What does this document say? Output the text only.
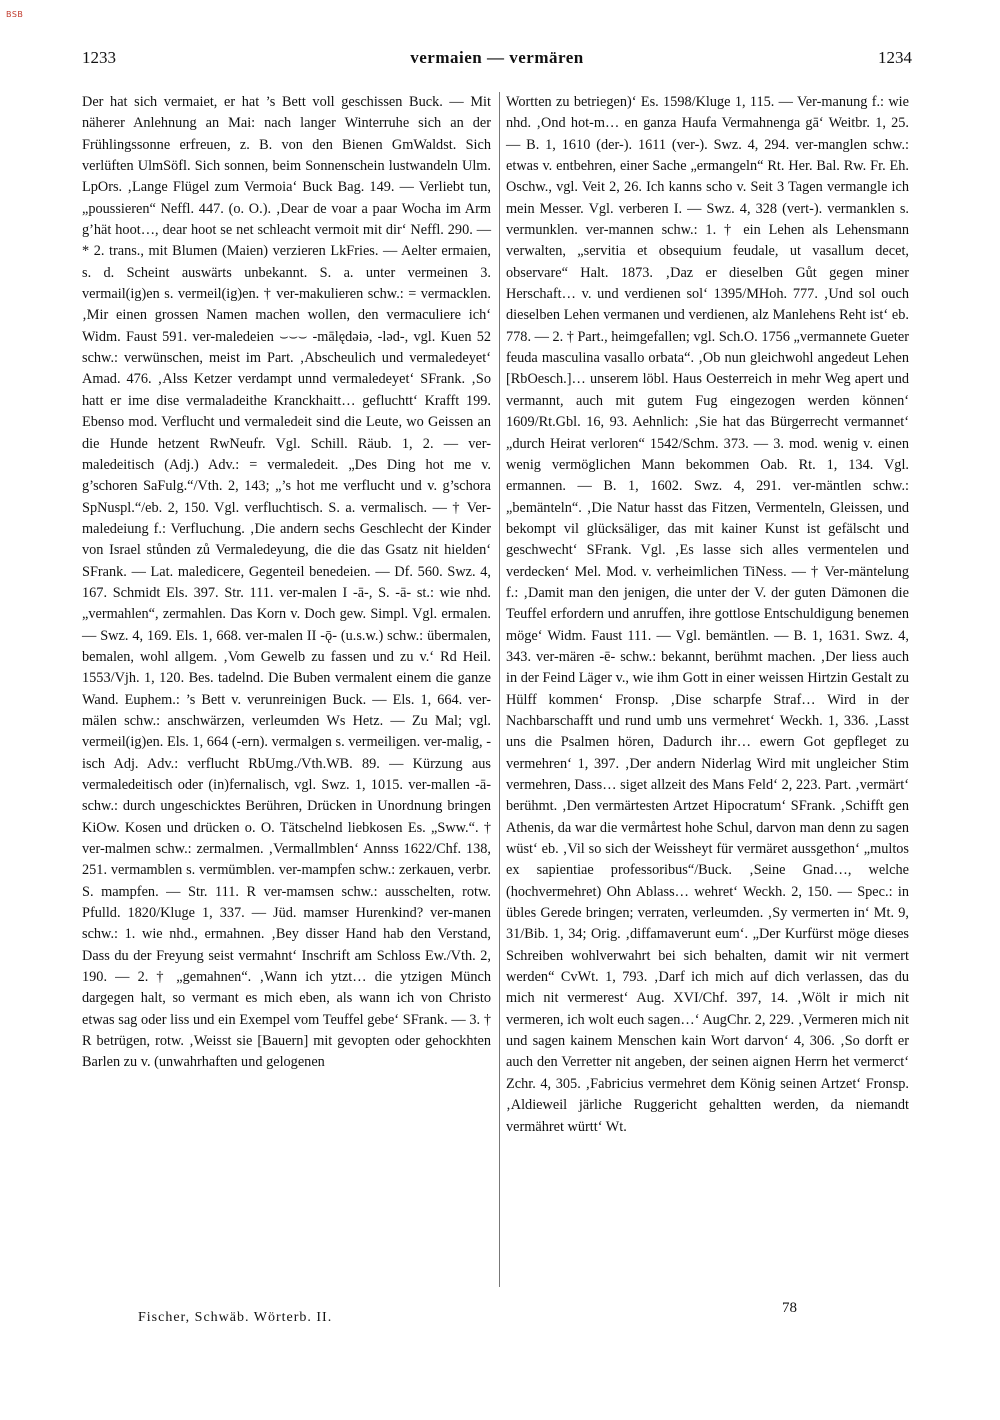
BSB
1233	vermaien — vermären	1234

Der hat sich vermaiet, er hat ’s Bett voll geschissen Buck. — Mit näherer Anlehnung an Mai: nach langer Winterruhe sich an der Frühlingssonne erfreuen, z. B. von den Bienen GmWaldst. Sich verlüften UlmSöfl. Sich sonnen, beim Sonnenschein lustwandeln Ulm. LpOrs. ‚Lange Flügel zum Vermoia‘ Buck Bag. 149. — Verliebt tun, „poussieren“ Neffl. 447. (o. O.). ‚Dear de voar a paar Wocha im Arm g’hät hoot…, dear hoot se net schleacht vermoit mit dir‘ Neffl. 290. — * 2. trans., mit Blumen (Maien) verzieren LkFries. — Aelter ermaien, s. d. Scheint auswärts unbekannt. S. a. unter vermeinen 3. vermail(ig)en s. vermeil(ig)en. † ver-makulieren schw.: = vermacklen. ‚Mir einen grossen Namen machen wollen, den vermaculiere ich‘ Widm. Faust 591. ver-maledeien ⌣⌣⌣ -mālędəiə, -ləd-, vgl. Kuen 52 schw.: verwünschen, meist im Part. ‚Abscheulich und vermaledeyet‘ Amad. 476. ‚Alss Ketzer verdampt unnd vermaledeyet‘ SFrank. ‚So hatt er ime dise vermaladeithe Kranckhaitt… gefluchtt‘ Krafft 199. Ebenso mod. Verflucht und vermaledeit sind die Leute, wo Geissen an die Hunde hetzent RwNeufr. Vgl. Schill. Räub. 1, 2. — ver-maledeitisch (Adj.) Adv.: = vermaledeit. „Des Ding hot me v. g’schoren SaFulg.“/Vth. 2, 143; „’s hot me verflucht und v. g’schora SpNuspl.“/eb. 2, 150. Vgl. verfluchtisch. S. a. vermalisch. — † Ver-maledeiung f.: Verfluchung. ‚Die andern sechs Geschlecht der Kinder von Israel stůnden zů Vermaledeyung, die die das Gsatz nit hielden‘ SFrank. — Lat. maledicere, Gegenteil benedeien. — Df. 560. Swz. 4, 167. Schmidt Els. 397. Str. 111. ver-malen I -ā-, S. -ā- st.: wie nhd. „vermahlen“, zermahlen. Das Korn v. Doch gew. Simpl. Vgl. ermalen. — Swz. 4, 169. Els. 1, 668. ver-malen II -ǭ- (u.s.w.) schw.: übermalen, bemalen, wohl allgem. ‚Vom Gewelb zu fassen und zu v.‘ Rd Heil. 1553/Vjh. 1, 120. Bes. tadelnd. Die Buben vermalent einem die ganze Wand. Euphem.: ’s Bett v. verunreinigen Buck. — Els. 1, 664. ver-mälen schw.: anschwärzen, verleumden Ws Hetz. — Zu Mal; vgl. vermeil(ig)en. Els. 1, 664 (-ern). vermalgen s. vermeiligen. ver-malig, -isch Adj. Adv.: verflucht RbUmg./Vth.WB. 89. — Kürzung aus vermaledeitisch oder (in)fernalisch, vgl. Swz. 1, 1015. ver-mallen -ā- schw.: durch ungeschicktes Berühren, Drücken in Unordnung bringen KiOw. Kosen und drücken o. O. Tätschelnd liebkosen Es. „Sww.“. † ver-malmen schw.: zermalmen. ‚Vermallmblen‘ Annss 1622/Chf. 138, 251. vermamblen s. vermümblen. ver-mampfen schw.: zerkauen, verbr. S. mampfen. — Str. 111. R ver-mamsen schw.: ausschelten, rotw. Pfulld. 1820/Kluge 1, 337. — Jüd. mamser Hurenkind? ver-manen schw.: 1. wie nhd., ermahnen. ‚Bey disser Hand hab den Verstand, Dass du der Freyung seist vermahnt‘ Inschrift am Schloss Ew./Vth. 2, 190. — 2. † „gemahnen“. ‚Wann ich ytzt… die ytzigen Münch dargegen halt, so vermant es mich eben, als wann ich von Christo etwas sag oder liss und ein Exempel vom Teuffel gebe‘ SFrank. — 3. † R betrügen, rotw. ‚Weisst sie [Bauern] mit gevopten oder gehockhten Barlen zu v. (unwahrhaften und gelogenen

Wortten zu betriegen)‘ Es. 1598/Kluge 1, 115. — Ver-manung f.: wie nhd. ‚Ond hot-m… en ganza Haufa Vermahnenga gā‘ Weitbr. 1, 25. — B. 1, 1610 (der-). 1611 (ver-). Swz. 4, 294. ver-manglen schw.: etwas v. entbehren, einer Sache „ermangeln“ Rt. Her. Bal. Rw. Fr. Eh. Oschw., vgl. Veit 2, 26. Ich kanns scho v. Seit 3 Tagen vermangle ich mein Messer. Vgl. verberen I. — Swz. 4, 328 (vert-). vermanklen s. vermunklen. ver-mannen schw.: 1. † ein Lehen als Lehensmann verwalten, „servitia et obsequium feudale, ut vasallum decet, observare“ Halt. 1873. ‚Daz er dieselben Gůt gegen miner Herschaft… v. und verdienen sol‘ 1395/MHoh. 777. ‚Und sol ouch dieselben Lehen vermanen und verdienen, alz Manlehens Reht ist‘ eb. 778. — 2. † Part., heimgefallen; vgl. Sch.O. 1756 „vermannete Gueter feuda masculina vasallo orbata“. ‚Ob nun gleichwohl angedeut Lehen [RbOesch.]… unserem löbl. Haus Oesterreich in mehr Weg apert und vermannt, auch mit gutem Fug eingezogen werden können‘ 1609/Rt.Gbl. 16, 93. Aehnlich: ‚Sie hat das Bürgerrecht vermannet‘ „durch Heirat verloren“ 1542/Schm. 373. — 3. mod. wenig v. einen wenig vermöglichen Mann bekommen Oab. Rt. 1, 134. Vgl. ermannen. — B. 1, 1602. Swz. 4, 291. ver-mäntlen schw.: „bemänteln“. ‚Die Natur hasst das Fitzen, Vermenteln, Gleissen, und bekompt vil glücksäliger, das mit kainer Kunst ist gefälscht und geschwecht‘ SFrank. Vgl. ‚Es lasse sich alles vermentelen und verdecken‘ Mel. Mod. v. verheimlichen TiNess. — † Ver-mäntelung f.: ‚Damit man den jenigen, die unter der V. der guten Dämonen die Teuffel erfordern und anruffen, ihre gottlose Entschuldigung benemen möge‘ Widm. Faust 111. — Vgl. bemäntlen. — B. 1, 1631. Swz. 4, 343. ver-mären -ē- schw.: bekannt, berühmt machen. ‚Der liess auch in der Feind Läger v., wie ihm Gott in einer weissen Hirtzin Gestalt zu Hülff kommen‘ Fronsp. ‚Dise scharpfe Straf… Wird in der Nachbarschafft und rund umb uns vermehret‘ Weckh. 1, 336. ‚Lasst uns die Psalmen hören, Dadurch ihr… ewern Got gepfleget zu vermehren‘ 1, 397. ‚Der andern Niderlag Wird mit ungleicher Stim vermehren, Dass… siget allzeit des Mans Feld‘ 2, 223. Part. ‚vermärt‘ berühmt. ‚Den vermärtesten Artzet Hipocratum‘ SFrank. ‚Schifft gen Athenis, da war die vermårtest hohe Schul, darvon man denn zu sagen wüst‘ eb. ‚Vil so sich der Weissheyt für vermäret aussgethon‘ „multos ex sapientiae professoribus“/Buck. ‚Seine Gnad…, welche (hochvermehret) Ohn Ablass… wehret‘ Weckh. 2, 150. — Spec.: in übles Gerede bringen; verraten, verleumden. ‚Sy vermerten in‘ Mt. 9, 31/Bib. 1, 34; Orig. ‚diffamaverunt eum‘. „Der Kurfürst möge dieses Schreiben wohlverwahrt bei sich behalten, damit wir nit vermert werden“ CvWt. 1, 793. ‚Darf ich mich auf dich verlassen, das du mich nit vermerest‘ Aug. XVI/Chf. 397, 14. ‚Wölt ir mich nit vermeren, ich wolt euch sagen…‘ AugChr. 2, 229. ‚Vermeren mich nit und sagen kainem Menschen kain Wort darvon‘ 4, 306. ‚So dorft er auch den Verretter nit angeben, der seinen aignen Herrn het vermerct‘ Zchr. 4, 305. ‚Fabricius vermehret dem König seinen Artzet‘ Fronsp. ‚Aldieweil järliche Ruggericht gehaltten werden, da niemandt vermähret württ‘ Wt.

Fischer, Schwäb. Wörterb. II.
78
